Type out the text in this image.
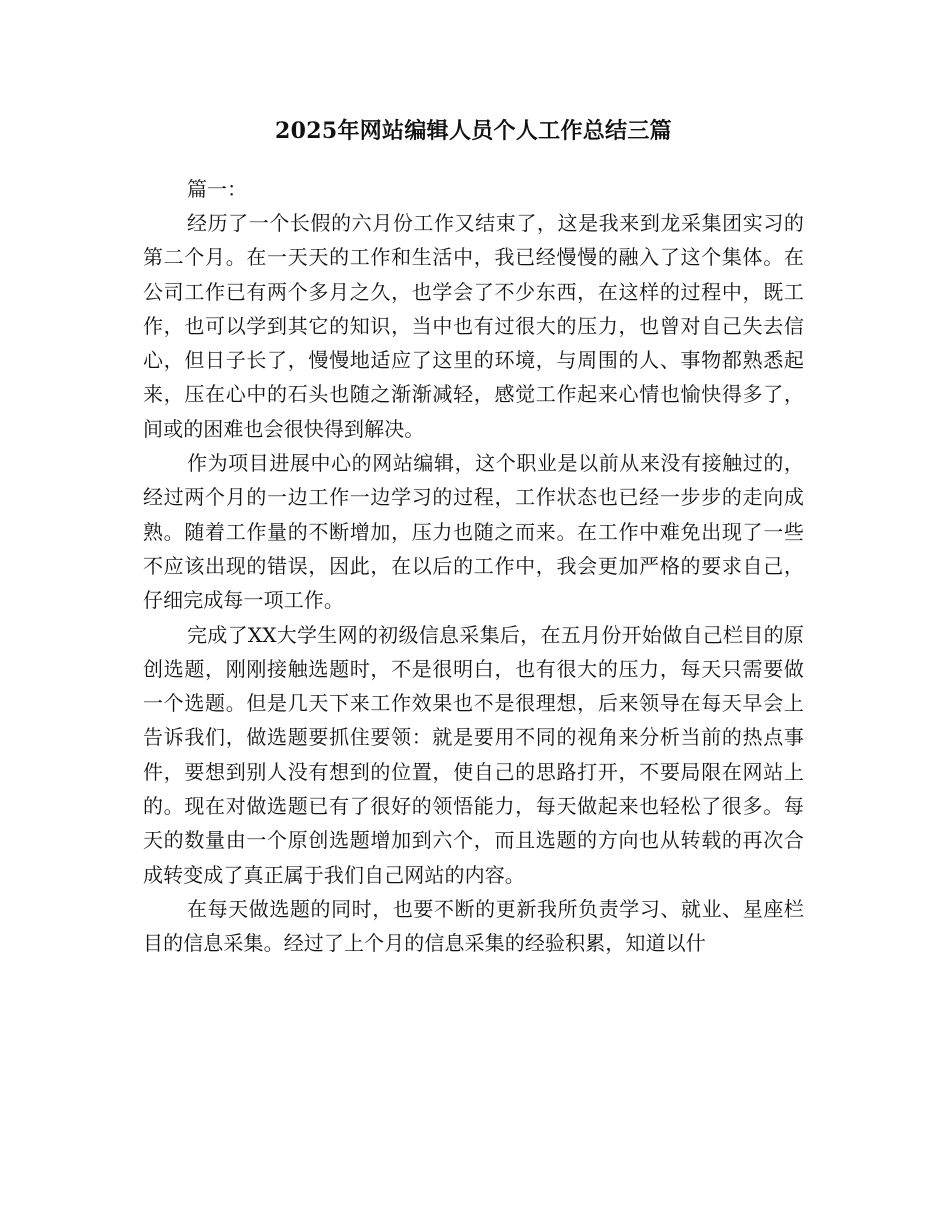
2025年网站编辑人员个人工作总结三篇

篇一：

经历了一个长假的六月份工作又结束了，这是我来到龙采集团实习的第二个月。在一天天的工作和生活中，我已经慢慢的融入了这个集体。在公司工作已有两个多月之久，也学会了不少东西，在这样的过程中，既工作，也可以学到其它的知识，当中也有过很大的压力，也曾对自己失去信心，但日子长了，慢慢地适应了这里的环境，与周围的人、事物都熟悉起来，压在心中的石头也随之渐渐减轻，感觉工作起来心情也愉快得多了，间或的困难也会很快得到解决。

作为项目进展中心的网站编辑，这个职业是以前从来没有接触过的，经过两个月的一边工作一边学习的过程，工作状态也已经一步步的走向成熟。随着工作量的不断增加，压力也随之而来。在工作中难免出现了一些不应该出现的错误，因此，在以后的工作中，我会更加严格的要求自己，仔细完成每一项工作。

完成了XX大学生网的初级信息采集后，在五月份开始做自己栏目的原创选题，刚刚接触选题时，不是很明白，也有很大的压力，每天只需要做一个选题。但是几天下来工作效果也不是很理想，后来领导在每天早会上告诉我们，做选题要抓住要领：就是要用不同的视角来分析当前的热点事件，要想到别人没有想到的位置，使自己的思路打开，不要局限在网站上的。现在对做选题已有了很好的领悟能力，每天做起来也轻松了很多。每天的数量由一个原创选题增加到六个，而且选题的方向也从转载的再次合成转变成了真正属于我们自己网站的内容。

在每天做选题的同时，也要不断的更新我所负责学习、就业、星座栏目的信息采集。经过了上个月的信息采集的经验积累，知道以什
